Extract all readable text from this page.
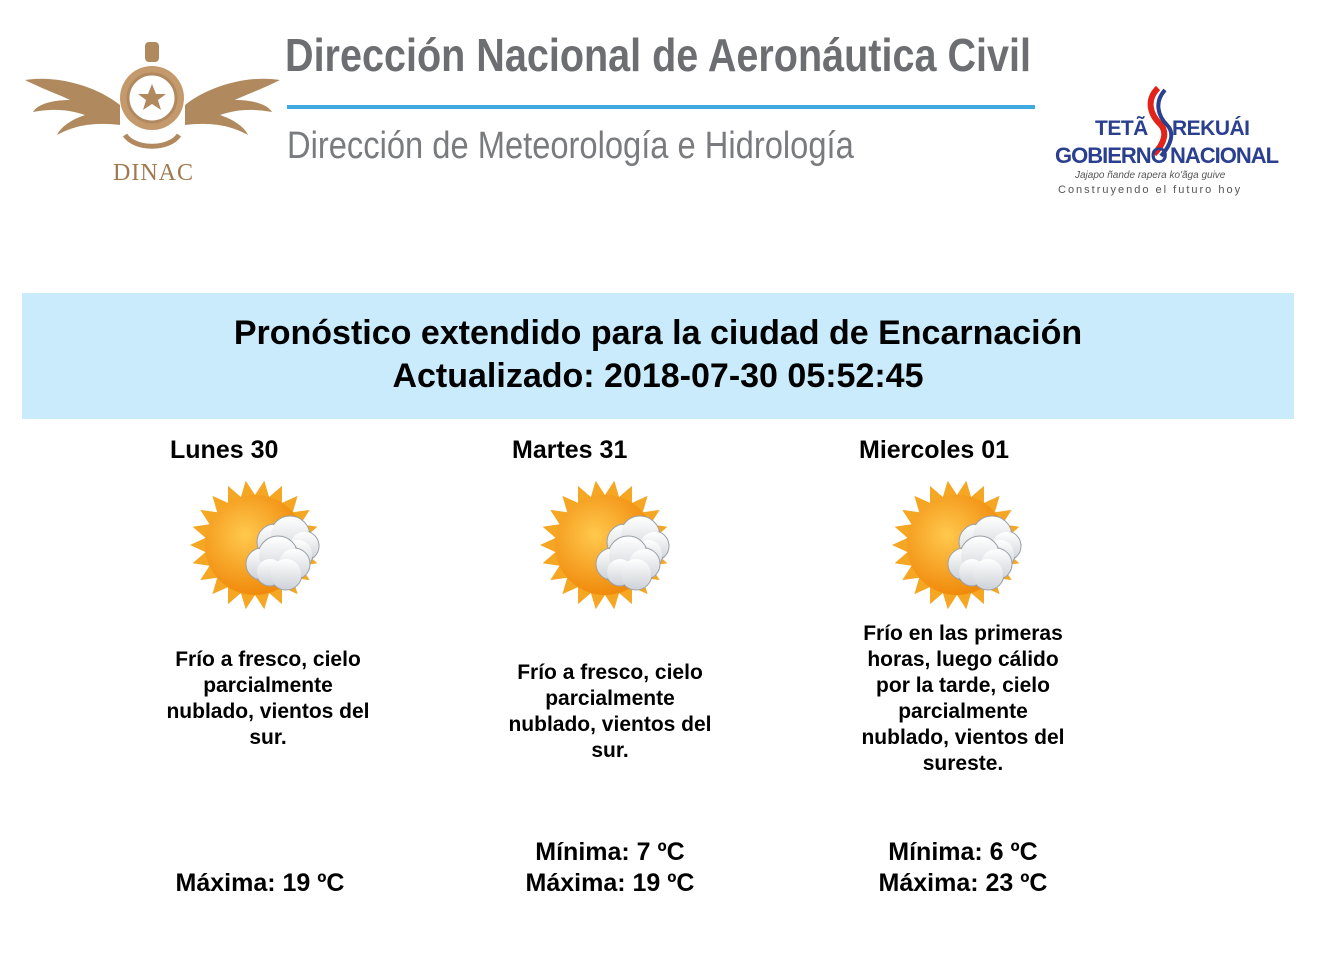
DINAC
Dirección Nacional de Aeronáutica Civil
Dirección de Meteorología e Hidrología	TETÃ REKUÁI
GOBIERNO NACIONAL
Jajapo ñande rapera ko'ãga guive
Construyendo el futuro hoy
Pronóstico extendido para la ciudad de Encarnación
Actualizado: 2018-07-30 05:52:45
Lunes 30
Frío a fresco, cielo parcialmente nublado, vientos del sur.
Máxima: 19 ºC
Martes 31
Frío a fresco, cielo parcialmente nublado, vientos del sur.
Mínima: 7 ºC
Máxima: 19 ºC
Miercoles 01
Frío en las primeras horas, luego cálido por la tarde, cielo parcialmente nublado, vientos del sureste.
Mínima: 6 ºC
Máxima: 23 ºC
